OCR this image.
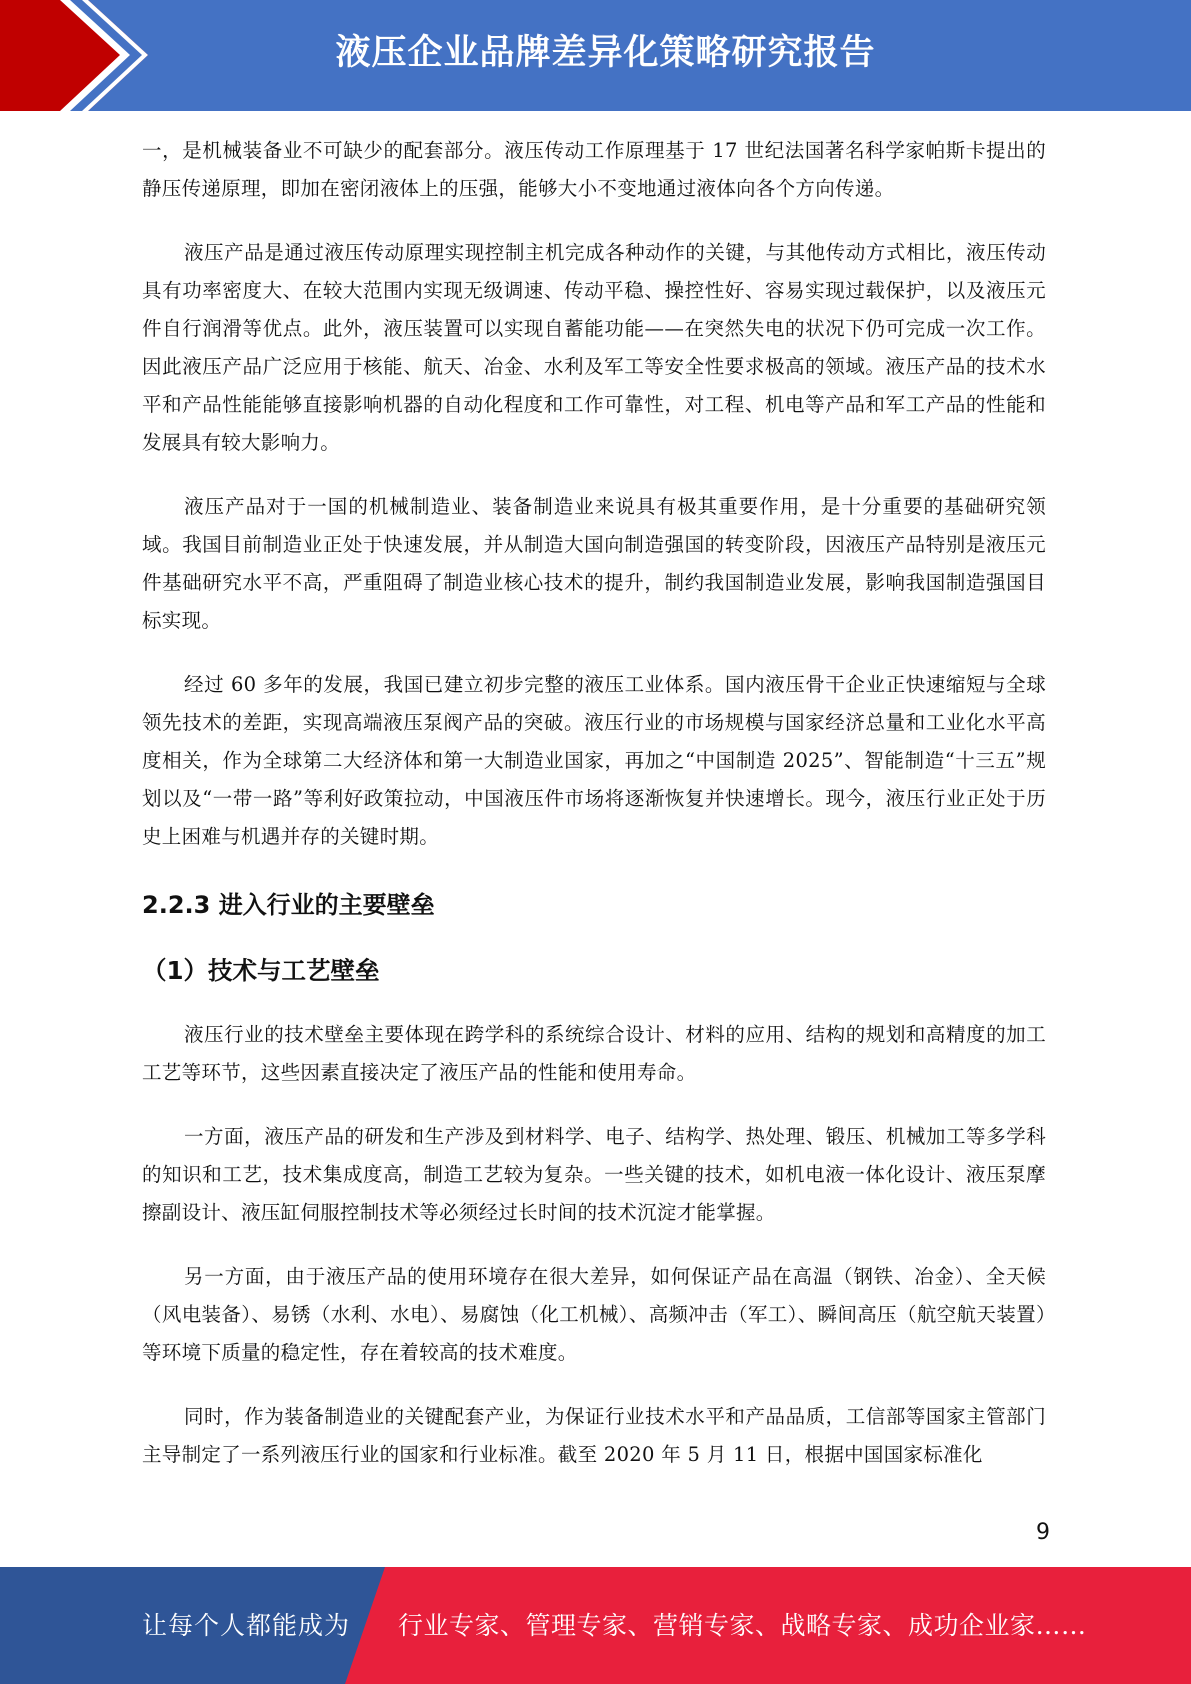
液压企业品牌差异化策略研究报告

一，是机械装备业不可缺少的配套部分。液压传动工作原理基于 17 世纪法国著名科学家帕斯卡提出的静压传递原理，即加在密闭液体上的压强，能够大小不变地通过液体向各个方向传递。

液压产品是通过液压传动原理实现控制主机完成各种动作的关键，与其他传动方式相比，液压传动具有功率密度大、在较大范围内实现无级调速、传动平稳、操控性好、容易实现过载保护，以及液压元件自行润滑等优点。此外，液压装置可以实现自蓄能功能——在突然失电的状况下仍可完成一次工作。因此液压产品广泛应用于核能、航天、冶金、水利及军工等安全性要求极高的领域。液压产品的技术水平和产品性能能够直接影响机器的自动化程度和工作可靠性，对工程、机电等产品和军工产品的性能和发展具有较大影响力。

液压产品对于一国的机械制造业、装备制造业来说具有极其重要作用，是十分重要的基础研究领域。我国目前制造业正处于快速发展，并从制造大国向制造强国的转变阶段，因液压产品特别是液压元件基础研究水平不高，严重阻碍了制造业核心技术的提升，制约我国制造业发展，影响我国制造强国目标实现。

经过 60 多年的发展，我国已建立初步完整的液压工业体系。国内液压骨干企业正快速缩短与全球领先技术的差距，实现高端液压泵阀产品的突破。液压行业的市场规模与国家经济总量和工业化水平高度相关，作为全球第二大经济体和第一大制造业国家，再加之“中国制造 2025”、智能制造“十三五”规划以及“一带一路”等利好政策拉动，中国液压件市场将逐渐恢复并快速增长。现今，液压行业正处于历史上困难与机遇并存的关键时期。

2.2.3 进入行业的主要壁垒
（1）技术与工艺壁垒

液压行业的技术壁垒主要体现在跨学科的系统综合设计、材料的应用、结构的规划和高精度的加工工艺等环节，这些因素直接决定了液压产品的性能和使用寿命。

一方面，液压产品的研发和生产涉及到材料学、电子、结构学、热处理、锻压、机械加工等多学科的知识和工艺，技术集成度高，制造工艺较为复杂。一些关键的技术，如机电液一体化设计、液压泵摩擦副设计、液压缸伺服控制技术等必须经过长时间的技术沉淀才能掌握。

另一方面，由于液压产品的使用环境存在很大差异，如何保证产品在高温（钢铁、冶金）、全天候（风电装备）、易锈（水利、水电）、易腐蚀（化工机械）、高频冲击（军工）、瞬间高压（航空航天装置）等环境下质量的稳定性，存在着较高的技术难度。

同时，作为装备制造业的关键配套产业，为保证行业技术水平和产品品质，工信部等国家主管部门主导制定了一系列液压行业的国家和行业标准。截至 2020 年 5 月 11 日，根据中国国家标准化

9
让每个人都能成为 行业专家、管理专家、营销专家、战略专家、成功企业家……
